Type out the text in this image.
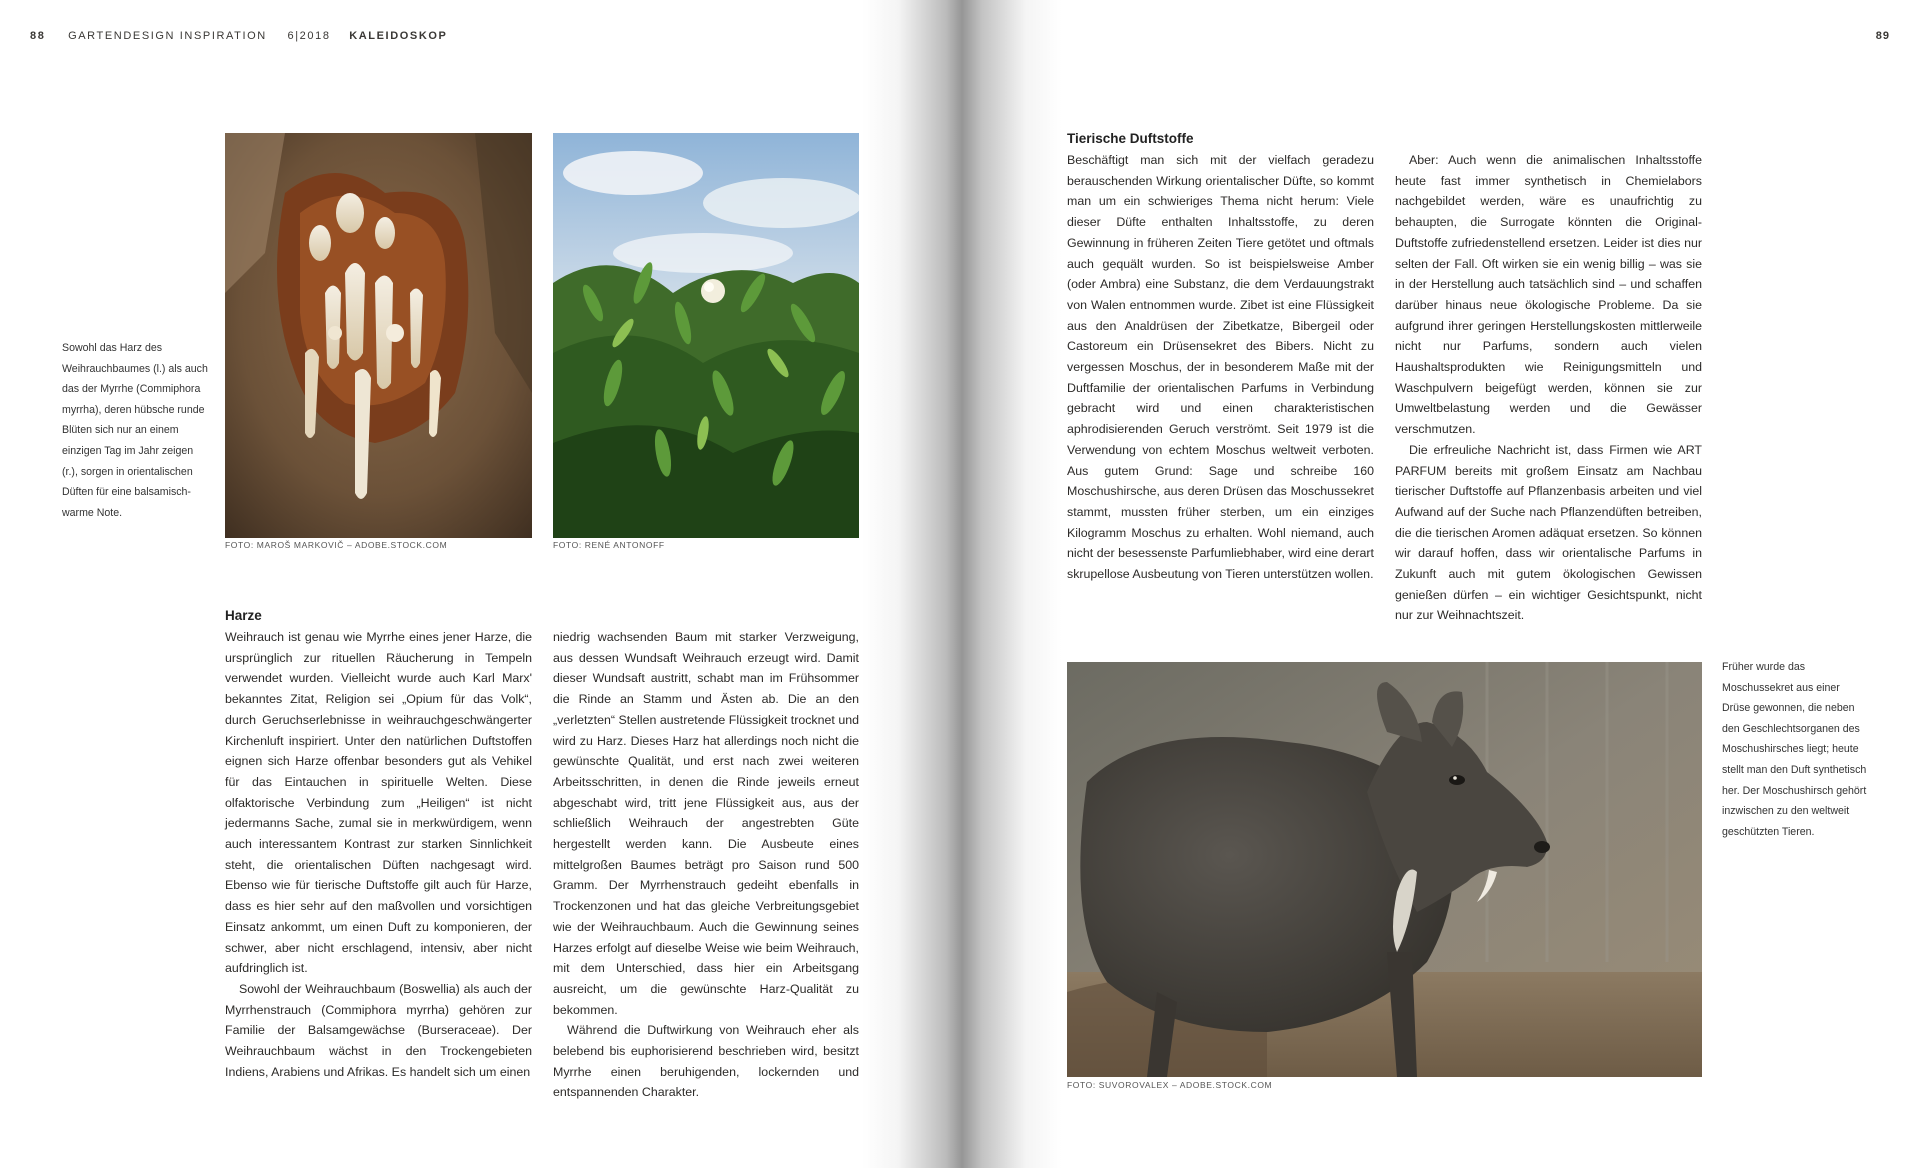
88 GARTENDESIGN INSPIRATION 6|2018 KALEIDOSKOP
Sowohl das Harz des Weihrauchbaumes (l.) als auch das der Myrrhe (Commiphora myrrha), deren hübsche runde Blüten sich nur an einem einzigen Tag im Jahr zeigen (r.), sorgen in orientalischen Düften für eine balsamisch-warme Note.
FOTO: MAROŠ MARKOVIČ – ADOBE.STOCK.COM	FOTO: RENÉ ANTONOFF
Harze

Weihrauch ist genau wie Myrrhe eines jener Harze, die ursprünglich zur rituellen Räucherung in Tempeln verwendet wurden. Vielleicht wurde auch Karl Marx' bekanntes Zitat, Religion sei „Opium für das Volk“, durch Geruchserlebnisse in weihrauchgeschwängerter Kirchenluft inspiriert. Unter den natürlichen Duftstoffen eignen sich Harze offenbar besonders gut als Vehikel für das Eintauchen in spirituelle Welten. Diese olfaktorische Verbindung zum „Heiligen“ ist nicht jedermanns Sache, zumal sie in merkwürdigem, wenn auch interessantem Kontrast zur starken Sinnlichkeit steht, die orientalischen Düften nachgesagt wird. Ebenso wie für tierische Duftstoffe gilt auch für Harze, dass es hier sehr auf den maßvollen und vorsichtigen Einsatz ankommt, um einen Duft zu komponieren, der schwer, aber nicht erschlagend, intensiv, aber nicht aufdringlich ist.

Sowohl der Weihrauchbaum (Boswellia) als auch der Myrrhenstrauch (Commiphora myrrha) gehören zur Familie der Balsamgewächse (Burseraceae). Der Weihrauchbaum wächst in den Trockengebieten Indiens, Arabiens und Afrikas. Es handelt sich um einen

niedrig wachsenden Baum mit starker Verzweigung, aus dessen Wundsaft Weihrauch erzeugt wird. Damit dieser Wundsaft austritt, schabt man im Frühsommer die Rinde an Stamm und Ästen ab. Die an den „verletzten“ Stellen austretende Flüssigkeit trocknet und wird zu Harz. Dieses Harz hat allerdings noch nicht die gewünschte Qualität, und erst nach zwei weiteren Arbeitsschritten, in denen die Rinde jeweils erneut abgeschabt wird, tritt jene Flüssigkeit aus, aus der schließlich Weihrauch der angestrebten Güte hergestellt werden kann. Die Ausbeute eines mittelgroßen Baumes beträgt pro Saison rund 500 Gramm. Der Myrrhenstrauch gedeiht ebenfalls in Trockenzonen und hat das gleiche Verbreitungsgebiet wie der Weihrauchbaum. Auch die Gewinnung seines Harzes erfolgt auf dieselbe Weise wie beim Weihrauch, mit dem Unterschied, dass hier ein Arbeitsgang ausreicht, um die gewünschte Harz-Qualität zu bekommen.

Während die Duftwirkung von Weihrauch eher als belebend bis euphorisierend beschrieben wird, besitzt Myrrhe einen beruhigenden, lockernden und entspannenden Charakter.

89
Tierische Duftstoffe

Beschäftigt man sich mit der vielfach geradezu berauschenden Wirkung orientalischer Düfte, so kommt man um ein schwieriges Thema nicht herum: Viele dieser Düfte enthalten Inhaltsstoffe, zu deren Gewinnung in früheren Zeiten Tiere getötet und oftmals auch gequält wurden. So ist beispielsweise Amber (oder Ambra) eine Substanz, die dem Verdauungstrakt von Walen entnommen wurde. Zibet ist eine Flüssigkeit aus den Analdrüsen der Zibetkatze, Bibergeil oder Castoreum ein Drüsensekret des Bibers. Nicht zu vergessen Moschus, der in besonderem Maße mit der Duftfamilie der orientalischen Parfums in Verbindung gebracht wird und einen charakteristischen aphrodisierenden Geruch verströmt. Seit 1979 ist die Verwendung von echtem Moschus weltweit verboten. Aus gutem Grund: Sage und schreibe 160 Moschushirsche, aus deren Drüsen das Moschussekret stammt, mussten früher sterben, um ein einziges Kilogramm Moschus zu erhalten. Wohl niemand, auch nicht der besessenste Parfumliebhaber, wird eine derart skrupellose Ausbeutung von Tieren unterstützen wollen.

Aber: Auch wenn die animalischen Inhaltsstoffe heute fast immer synthetisch in Chemielabors nachgebildet werden, wäre es unaufrichtig zu behaupten, die Surrogate könnten die Original-Duftstoffe zufriedenstellend ersetzen. Leider ist dies nur selten der Fall. Oft wirken sie ein wenig billig – was sie in der Herstellung auch tatsächlich sind – und schaffen darüber hinaus neue ökologische Probleme. Da sie aufgrund ihrer geringen Herstellungskosten mittlerweile nicht nur Parfums, sondern auch vielen Haushaltsprodukten wie Reinigungsmitteln und Waschpulvern beigefügt werden, können sie zur Umweltbelastung werden und die Gewässer verschmutzen.

Die erfreuliche Nachricht ist, dass Firmen wie ART PARFUM bereits mit großem Einsatz am Nachbau tierischer Duftstoffe auf Pflanzenbasis arbeiten und viel Aufwand auf der Suche nach Pflanzendüften betreiben, die die tierischen Aromen adäquat ersetzen. So können wir darauf hoffen, dass wir orientalische Parfums in Zukunft auch mit gutem ökologischen Gewissen genießen dürfen – ein wichtiger Gesichtspunkt, nicht nur zur Weihnachtszeit.

FOTO: SUVOROVALEX – ADOBE.STOCK.COM
Früher wurde das Moschussekret aus einer Drüse gewonnen, die neben den Geschlechtsorganen des Moschushirsches liegt; heute stellt man den Duft synthetisch her. Der Moschushirsch gehört inzwischen zu den weltweit geschützten Tieren.
